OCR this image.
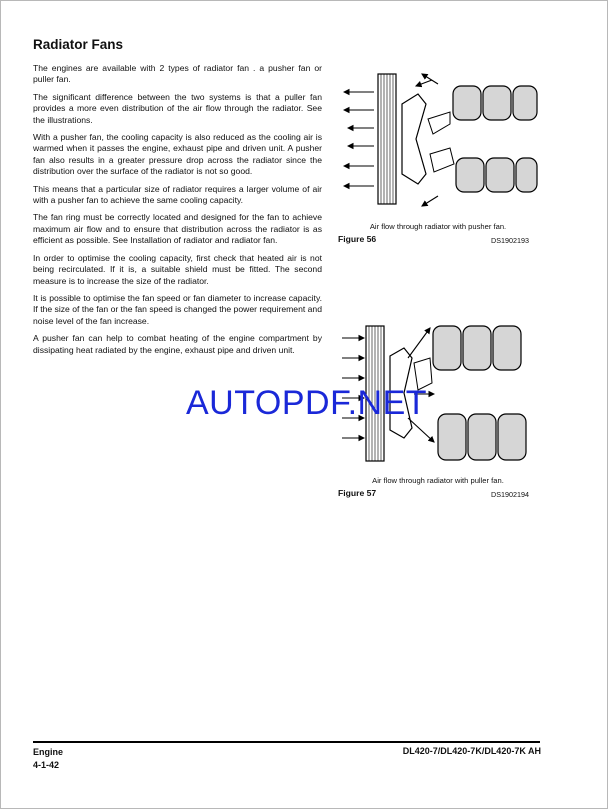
Radiator Fans

The engines are available with 2 types of radiator fan . a pusher fan or puller fan.

The significant difference between the two systems is that a puller fan provides a more even distribution of the air flow through the radiator. See the illustrations.

With a pusher fan, the cooling capacity is also reduced as the cooling air is warmed when it passes the engine, exhaust pipe and driven unit. A pusher fan also results in a greater pressure drop across the radiator since the distribution over the surface of the radiator is not so good.

This means that a particular size of radiator requires a larger volume of air with a pusher fan to achieve the same cooling capacity.

The fan ring must be correctly located and designed for the fan to achieve maximum air flow and to ensure that distribution across the radiator is as efficient as possible. See Installation of radiator and radiator fan.

In order to optimise the cooling capacity, first check that heated air is not being recirculated. If it is, a suitable shield must be fitted. The second measure is to increase the size of the radiator.

It is possible to optimise the fan speed or fan diameter to increase capacity. If the size of the fan or the fan speed is changed the power requirement and noise level of the fan increase.

A pusher fan can help to combat heating of the engine compartment by dissipating heat radiated by the engine, exhaust pipe and driven unit.

Air flow through radiator with pusher fan.
Figure 56	DS1902193
Air flow through radiator with puller fan.
Figure 57	DS1902194
AUTOPDF.NET
Engine
4-1-42
DL420-7/DL420-7K/DL420-7K AH
